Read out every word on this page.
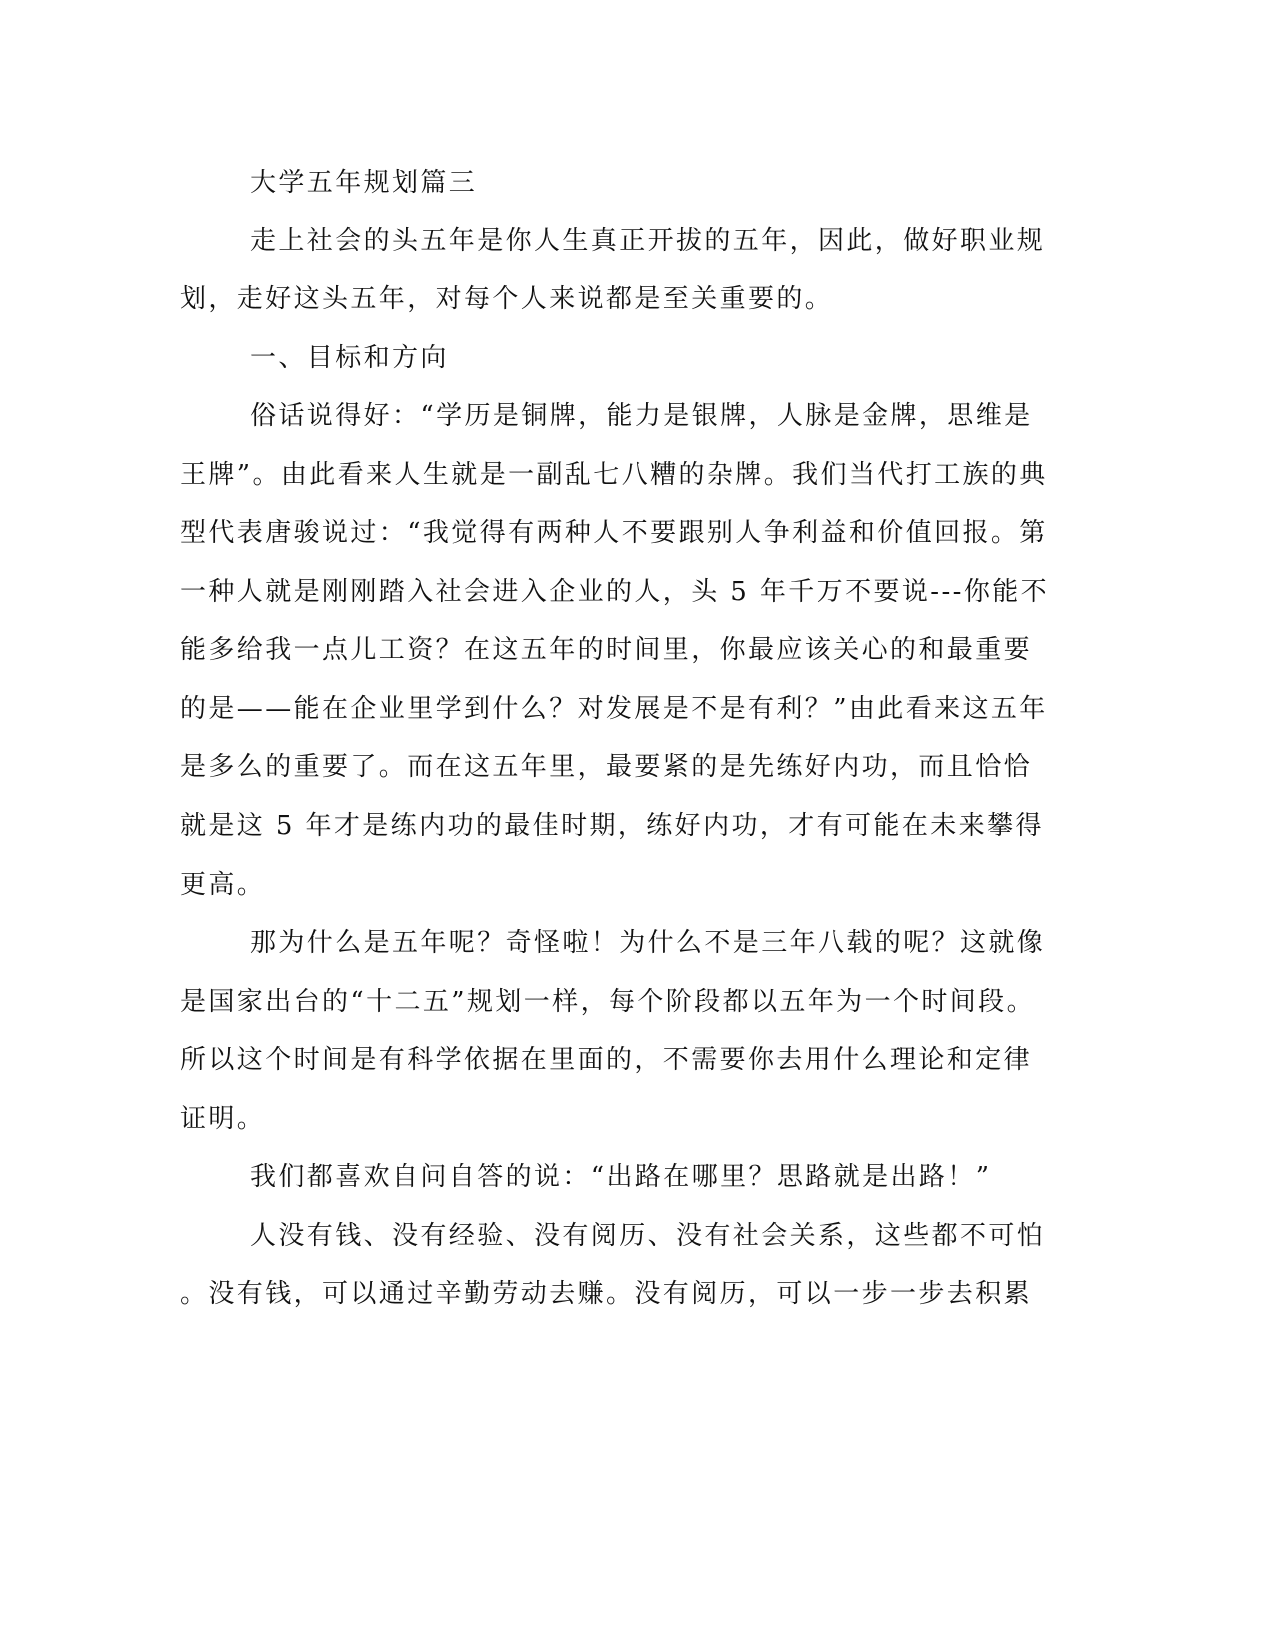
大学五年规划篇三
走上社会的头五年是你人生真正开拔的五年，因此，做好职业规
划，走好这头五年，对每个人来说都是至关重要的。
一、目标和方向
俗话说得好：“学历是铜牌，能力是银牌，人脉是金牌，思维是
王牌”。由此看来人生就是一副乱七八糟的杂牌。我们当代打工族的典
型代表唐骏说过：“我觉得有两种人不要跟别人争利益和价值回报。第
一种人就是刚刚踏入社会进入企业的人，头 5 年千万不要说---你能不
能多给我一点儿工资？在这五年的时间里，你最应该关心的和最重要
的是——能在企业里学到什么？对发展是不是有利？”由此看来这五年
是多么的重要了。而在这五年里，最要紧的是先练好内功，而且恰恰
就是这 5 年才是练内功的最佳时期，练好内功，才有可能在未来攀得
更高。
那为什么是五年呢？奇怪啦！为什么不是三年八载的呢？这就像
是国家出台的“十二五”规划一样，每个阶段都以五年为一个时间段。
所以这个时间是有科学依据在里面的，不需要你去用什么理论和定律
证明。
我们都喜欢自问自答的说：“出路在哪里？思路就是出路！”
人没有钱、没有经验、没有阅历、没有社会关系，这些都不可怕
。没有钱，可以通过辛勤劳动去赚。没有阅历，可以一步一步去积累
